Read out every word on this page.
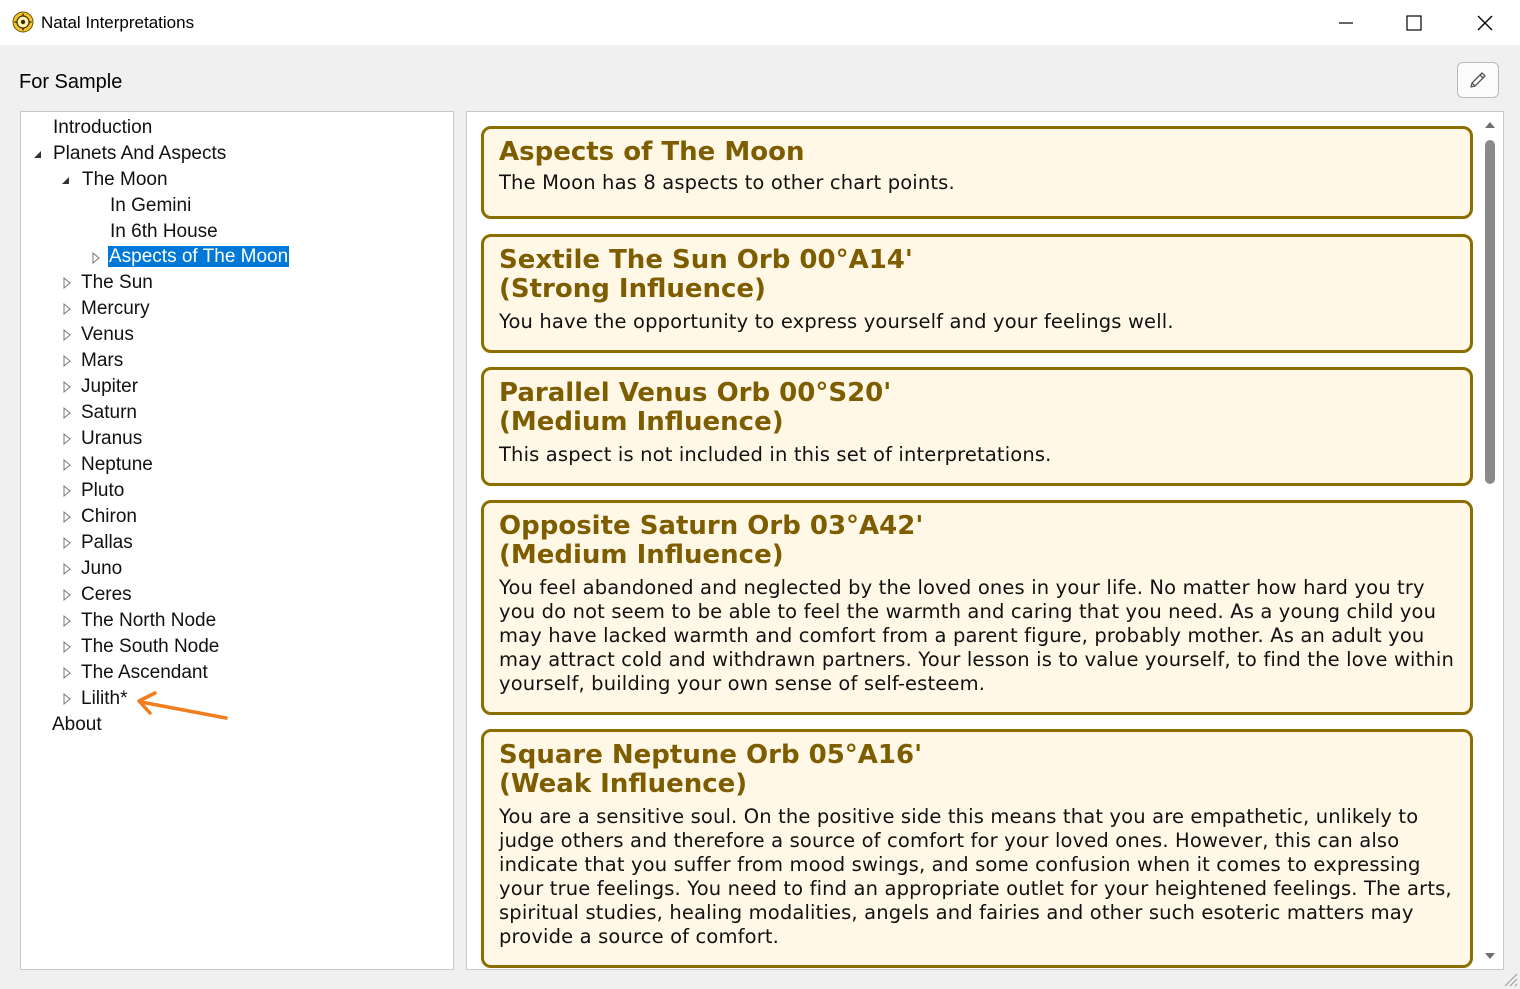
Natal Interpretations
For Sample
Introduction
Planets And Aspects
The Moon
In Gemini
In 6th House
Aspects of The Moon
The Sun
Mercury
Venus
Mars
Jupiter
Saturn
Uranus
Neptune
Pluto
Chiron
Pallas
Juno
Ceres
The North Node
The South Node
The Ascendant
Lilith*
About
Aspects of The Moon
The Moon has 8 aspects to other chart points.
Sextile The Sun Orb 00°A14'
(Strong Influence)
You have the opportunity to express yourself and your feelings well.
Parallel Venus Orb 00°S20'
(Medium Influence)
This aspect is not included in this set of interpretations.
Opposite Saturn Orb 03°A42'
(Medium Influence)
You feel abandoned and neglected by the loved ones in your life. No matter how hard you try you do not seem to be able to feel the warmth and caring that you need. As a young child you may have lacked warmth and comfort from a parent figure, probably mother. As an adult you may attract cold and withdrawn partners. Your lesson is to value yourself, to find the love within yourself, building your own sense of self-esteem.
Square Neptune Orb 05°A16'
(Weak Influence)
You are a sensitive soul. On the positive side this means that you are empathetic, unlikely to judge others and therefore a source of comfort for your loved ones. However, this can also indicate that you suffer from mood swings, and some confusion when it comes to expressing your true feelings. You need to find an appropriate outlet for your heightened feelings. The arts, spiritual studies, healing modalities, angels and fairies and other such esoteric matters may provide a source of comfort.
